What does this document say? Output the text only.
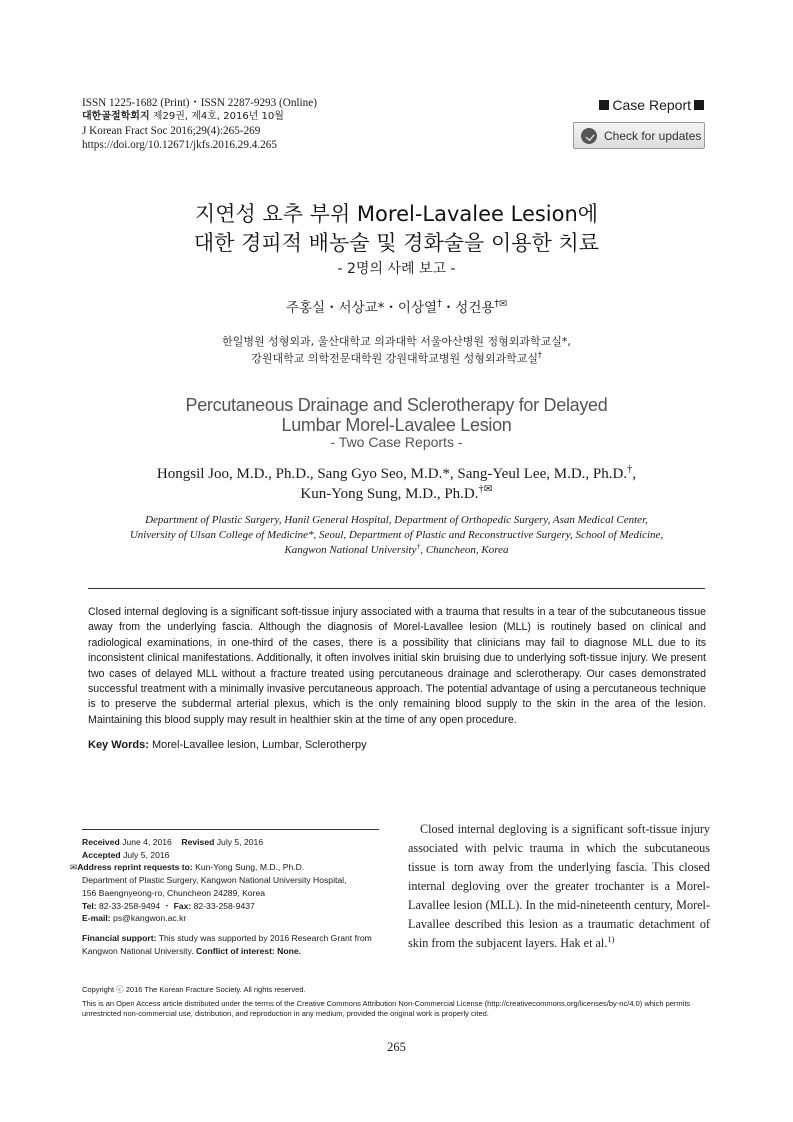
ISSN 1225-1682 (Print)・ISSN 2287-9293 (Online)
대한골절학회지 제29권, 제4호, 2016년 10월
J Korean Fract Soc 2016;29(4):265-269
https://doi.org/10.12671/jkfs.2016.29.4.265
Case Report
Check for updates
지연성 요추 부위 Morel-Lavalee Lesion에
대한 경피적 배농술 및 경화술을 이용한 치료
- 2명의 사례 보고 -
주홍실・서상교*・이상열†・성건용†✉
한일병원 성형외과, 울산대학교 의과대학 서울아산병원 정형외과학교실*,
강원대학교 의학전문대학원 강원대학교병원 성형외과학교실†
Percutaneous Drainage and Sclerotherapy for Delayed
Lumbar Morel-Lavalee Lesion
- Two Case Reports -
Hongsil Joo, M.D., Ph.D., Sang Gyo Seo, M.D.*, Sang-Yeul Lee, M.D., Ph.D.†,
Kun-Yong Sung, M.D., Ph.D.†✉
Department of Plastic Surgery, Hanil General Hospital, Department of Orthopedic Surgery, Asan Medical Center,
University of Ulsan College of Medicine*, Seoul, Department of Plastic and Reconstructive Surgery, School of Medicine,
Kangwon National University†, Chuncheon, Korea
Closed internal degloving is a significant soft-tissue injury associated with a trauma that results in a tear of the subcutaneous tissue away from the underlying fascia. Although the diagnosis of Morel-Lavallee lesion (MLL) is routinely based on clinical and radiological examinations, in one-third of the cases, there is a possibility that clinicians may fail to diagnose MLL due to its inconsistent clinical manifestations. Additionally, it often involves initial skin bruising due to underlying soft-tissue injury. We present two cases of delayed MLL without a fracture treated using percutaneous drainage and sclerotherapy. Our cases demonstrated successful treatment with a minimally invasive percutaneous approach. The potential advantage of using a percutaneous technique is to preserve the subdermal arterial plexus, which is the only remaining blood supply to the skin in the area of the lesion. Maintaining this blood supply may result in healthier skin at the time of any open procedure.
Key Words: Morel-Lavallee lesion, Lumbar, Sclerotherpy
Received June 4, 2016 Revised July 5, 2016
Accepted July 5, 2016
✉Address reprint requests to: Kun-Yong Sung, M.D., Ph.D.
Department of Plastic Surgery, Kangwon National University Hospital,
156 Baengnyeong-ro, Chuncheon 24289, Korea
Tel: 82-33-258-9494 ・ Fax: 82-33-258-9437
E-mail: ps@kangwon.ac.kr
Financial support: This study was supported by 2016 Research Grant from Kangwon National University. Conflict of interest: None.

Closed internal degloving is a significant soft-tissue injury associated with pelvic trauma in which the subcutaneous tissue is torn away from the underlying fascia. This closed internal degloving over the greater trochanter is a Morel-Lavallee lesion (MLL). In the mid-nineteenth century, Morel-Lavallee described this lesion as a traumatic detachment of skin from the subjacent layers. Hak et al.$^{1)}$

Copyright ⓒ 2016 The Korean Fracture Society. All rights reserved.
This is an Open Access article distributed under the terms of the Creative Commons Attribution Non-Commercial License (http://creativecommons.org/licenses/by-nc/4.0) which permits unrestricted non-commercial use, distribution, and reproduction in any medium, provided the original work is properly cited.
265
